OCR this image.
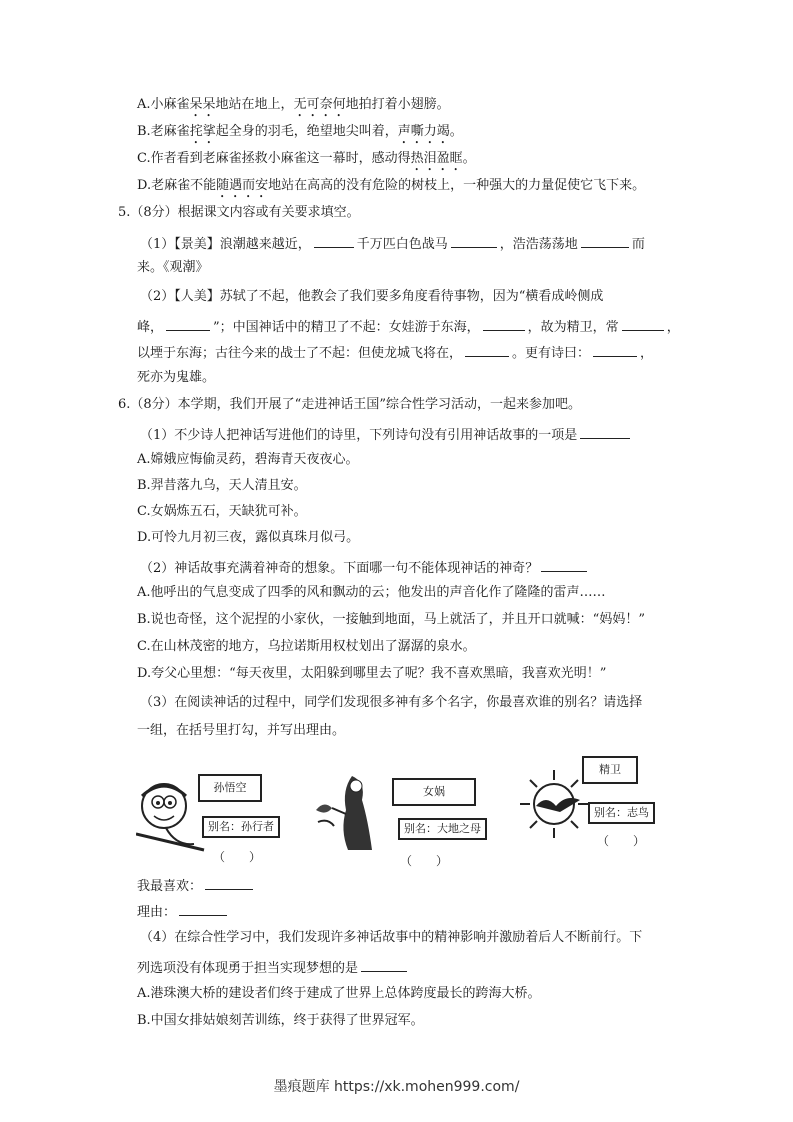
A.小麻雀呆呆地站在地上，无可奈何地拍打着小翅膀。
B.老麻雀挓挲起全身的羽毛，绝望地尖叫着，声嘶力竭。
C.作者看到老麻雀拯救小麻雀这一幕时，感动得热泪盈眶。
D.老麻雀不能随遇而安地站在高高的没有危险的树枝上，一种强大的力量促使它飞下来。
5.（8分）根据课文内容或有关要求填空。
（1）【景美】浪潮越来越近，	千万匹白色战马	，浩浩荡荡地	而
来。《观潮》
（2）【人美】苏轼了不起，他教会了我们要多角度看待事物，因为“横看成岭侧成
峰，	”；中国神话中的精卫了不起：女娃游于东海，	，故为精卫，常	，
以堙于东海；古往今来的战士了不起：但使龙城飞将在，	。更有诗曰：	，
死亦为鬼雄。
6.（8分）本学期，我们开展了“走进神话王国”综合性学习活动，一起来参加吧。
（1）不少诗人把神话写进他们的诗里，下列诗句没有引用神话故事的一项是
A.嫦娥应悔偷灵药，碧海青天夜夜心。
B.羿昔落九乌，天人清且安。
C.女娲炼五石，天缺犹可补。
D.可怜九月初三夜，露似真珠月似弓。
（2）神话故事充满着神奇的想象。下面哪一句不能体现神话的神奇？
A.他呼出的气息变成了四季的风和飘动的云；他发出的声音化作了隆隆的雷声……
B.说也奇怪，这个泥捏的小家伙，一接触到地面，马上就活了，并且开口就喊：“妈妈！”
C.在山林茂密的地方，乌拉诺斯用权杖划出了潺潺的泉水。
D.夸父心里想：“每天夜里，太阳躲到哪里去了呢？我不喜欢黑暗，我喜欢光明！”
（3）在阅读神话的过程中，同学们发现很多神有多个名字，你最喜欢谁的别名？请选择
一组，在括号里打勾，并写出理由。
孙悟空
别名：孙行者
（　　）
女娲
别名：大地之母
（　　）
精卫
别名：志鸟
（　　）
我最喜欢：
理由：
（4）在综合性学习中，我们发现许多神话故事中的精神影响并激励着后人不断前行。下
列选项没有体现勇于担当实现梦想的是
A.港珠澳大桥的建设者们终于建成了世界上总体跨度最长的跨海大桥。
B.中国女排姑娘刻苦训练，终于获得了世界冠军。
墨痕题库 https://xk.mohen999.com/
